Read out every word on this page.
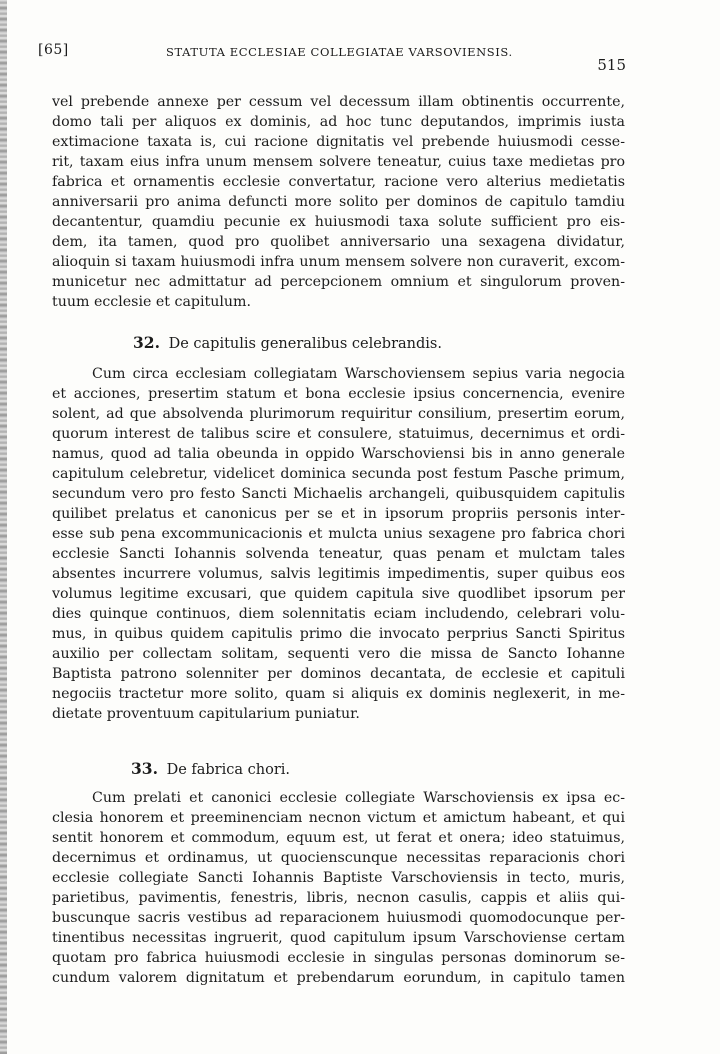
[65]	STATUTA ECCLESIAE COLLEGIATAE VARSOVIENSIS.
515
vel prebende annexe per cessum vel decessum illam obtinentis occurrente,
domo tali per aliquos ex dominis, ad hoc tunc deputandos, imprimis iusta
extimacione taxata is, cui racione dignitatis vel prebende huiusmodi cesse-
rit, taxam eius infra unum mensem solvere teneatur, cuius taxe medietas pro
fabrica et ornamentis ecclesie convertatur, racione vero alterius medietatis
anniversarii pro anima defuncti more solito per dominos de capitulo tamdiu
decantentur, quamdiu pecunie ex huiusmodi taxa solute sufficient pro eis-
dem, ita tamen, quod pro quolibet anniversario una sexagena dividatur,
alioquin si taxam huiusmodi infra unum mensem solvere non curaverit, excom-
municetur nec admittatur ad percepcionem omnium et singulorum proven-
tuum ecclesie et capitulum.
32. De capitulis generalibus celebrandis.
Cum circa ecclesiam collegiatam Warschoviensem sepius varia negocia
et acciones, presertim statum et bona ecclesie ipsius concernencia, evenire
solent, ad que absolvenda plurimorum requiritur consilium, presertim eorum,
quorum interest de talibus scire et consulere, statuimus, decernimus et ordi-
namus, quod ad talia obeunda in oppido Warschoviensi bis in anno generale
capitulum celebretur, videlicet dominica secunda post festum Pasche primum,
secundum vero pro festo Sancti Michaelis archangeli, quibusquidem capitulis
quilibet prelatus et canonicus per se et in ipsorum propriis personis inter-
esse sub pena excommunicacionis et mulcta unius sexagene pro fabrica chori
ecclesie Sancti Iohannis solvenda teneatur, quas penam et mulctam tales
absentes incurrere volumus, salvis legitimis impedimentis, super quibus eos
volumus legitime excusari, que quidem capitula sive quodlibet ipsorum per
dies quinque continuos, diem solennitatis eciam includendo, celebrari volu-
mus, in quibus quidem capitulis primo die invocato perprius Sancti Spiritus
auxilio per collectam solitam, sequenti vero die missa de Sancto Iohanne
Baptista patrono solenniter per dominos decantata, de ecclesie et capituli
negociis tractetur more solito, quam si aliquis ex dominis neglexerit, in me-
dietate proventuum capitularium puniatur.
33. De fabrica chori.
Cum prelati et canonici ecclesie collegiate Warschoviensis ex ipsa ec-
clesia honorem et preeminenciam necnon victum et amictum habeant, et qui
sentit honorem et commodum, equum est, ut ferat et onera; ideo statuimus,
decernimus et ordinamus, ut quocienscunque necessitas reparacionis chori
ecclesie collegiate Sancti Iohannis Baptiste Varschoviensis in tecto, muris,
parietibus, pavimentis, fenestris, libris, necnon casulis, cappis et aliis qui-
buscunque sacris vestibus ad reparacionem huiusmodi quomodocunque per-
tinentibus necessitas ingruerit, quod capitulum ipsum Varschoviense certam
quotam pro fabrica huiusmodi ecclesie in singulas personas dominorum se-
cundum valorem dignitatum et prebendarum eorundum, in capitulo tamen
